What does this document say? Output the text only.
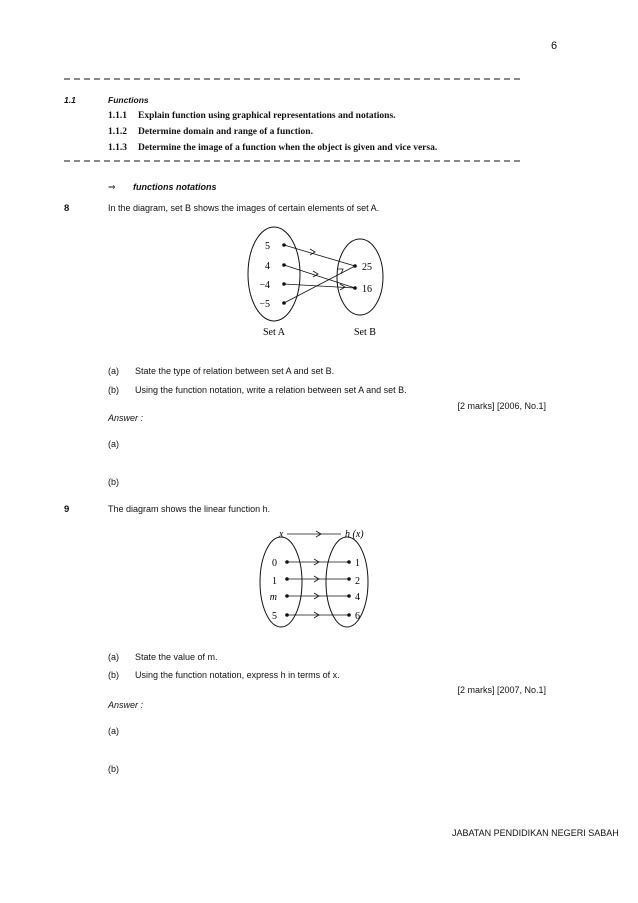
6
1.1	Functions
1.1.1 Explain function using graphical representations and notations.
1.1.2 Determine domain and range of a function.
1.1.3 Determine the image of a function when the object is given and vice versa.
⇒ functions notations
8	In the diagram, set B shows the images of certain elements of set A.
5
4
−4
−5
25
16
Set A	Set B
(a) State the type of relation between set A and set B.
(b) Using the function notation, write a relation between set A and set B.
[2 marks] [2006, No.1]
Answer :
(a)
(b)
9	The diagram shows the linear function h.
x	h (x)
0
1
m
5
1
2
4
6
(a) State the value of m.
(b) Using the function notation, express h in terms of x.
[2 marks] [2007, No.1]
Answer :
(a)
(b)
JABATAN PENDIDIKAN NEGERI SABAH
